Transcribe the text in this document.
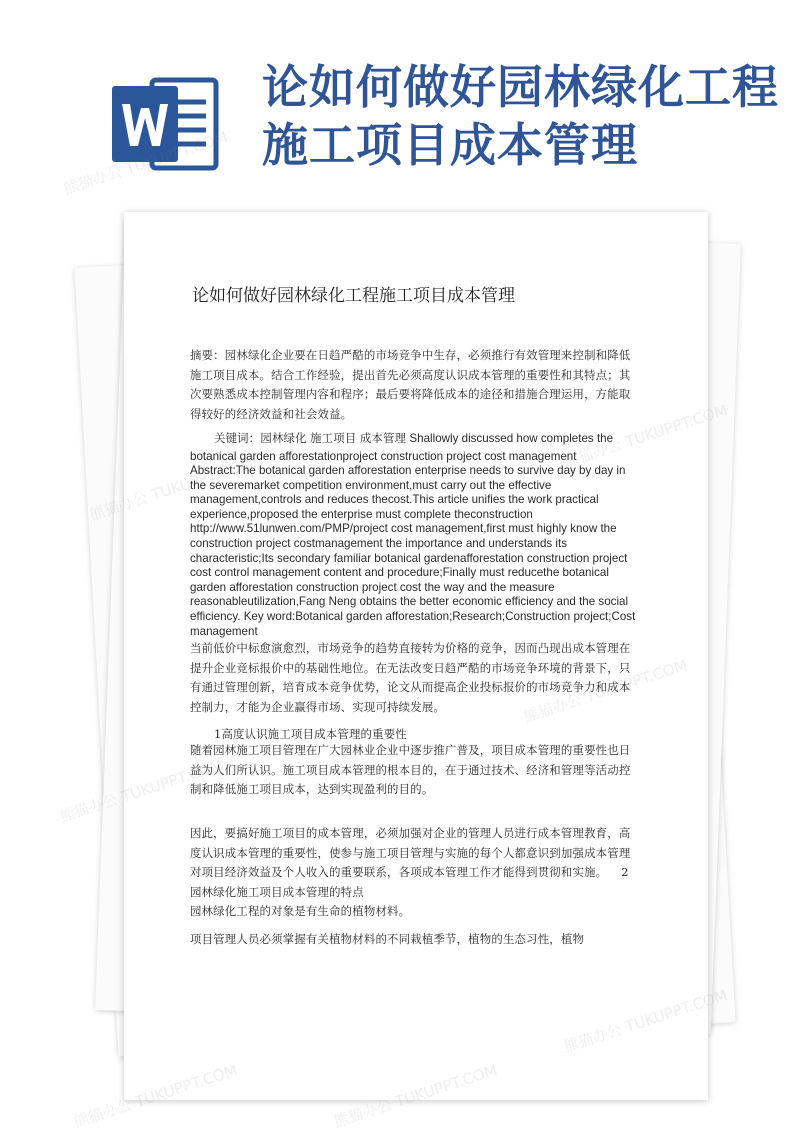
论如何做好园林绿化工程施工项目成本管理
论如何做好园林绿化工程施工项目成本管理

摘要：园林绿化企业要在日趋严酷的市场竞争中生存，必须推行有效管理来控制和降低施工项目成本。结合工作经验，提出首先必须高度认识成本管理的重要性和其特点；其次要熟悉成本控制管理内容和程序；最后要将降低成本的途径和措施合理运用，方能取得较好的经济效益和社会效益。

关键词：园林绿化 施工项目 成本管理 Shallowly discussed how completes the botanical garden afforestationproject construction project cost management Abstract:The botanical garden afforestation enterprise needs to survive day by day in the severemarket competition environment,must carry out the effective management,controls and reduces thecost.This article unifies the work practical experience,proposed the enterprise must complete theconstruction http://www.51lunwen.com/PMP/project cost management,first must highly know the construction project costmanagement the importance and understands its characteristic;Its secondary familiar botanical gardenafforestation construction project cost control management content and procedure;Finally must reducethe botanical garden afforestation construction project cost the way and the measure reasonableutilization,Fang Neng obtains the better economic efficiency and the social efficiency. Key word:Botanical garden afforestation;Research;Construction project;Cost management

当前低价中标愈演愈烈，市场竞争的趋势直接转为价格的竞争，因而凸现出成本管理在提升企业竞标报价中的基础性地位。在无法改变日趋严酷的市场竞争环境的背景下，只有通过管理创新，培育成本竞争优势，论文从而提高企业投标报价的市场竞争力和成本控制力，才能为企业赢得市场、实现可持续发展。

1高度认识施工项目成本管理的重要性

随着园林施工项目管理在广大园林业企业中逐步推广普及，项目成本管理的重要性也日益为人们所认识。施工项目成本管理的根本目的，在于通过技术、经济和管理等活动控制和降低施工项目成本，达到实现盈利的目的。

因此，要搞好施工项目的成本管理，必须加强对企业的管理人员进行成本管理教育，高度认识成本管理的重要性，使参与施工项目管理与实施的每个人都意识到加强成本管理对项目经济效益及个人收入的重要联系，各项成本管理工作才能得到贯彻和实施。 2园林绿化施工项目成本管理的特点

园林绿化工程的对象是有生命的植物材料。

项目管理人员必须掌握有关植物材料的不同栽植季节，植物的生态习性，植物

熊猫办公 TUKUPPT.COM
熊猫办公
熊猫办公
